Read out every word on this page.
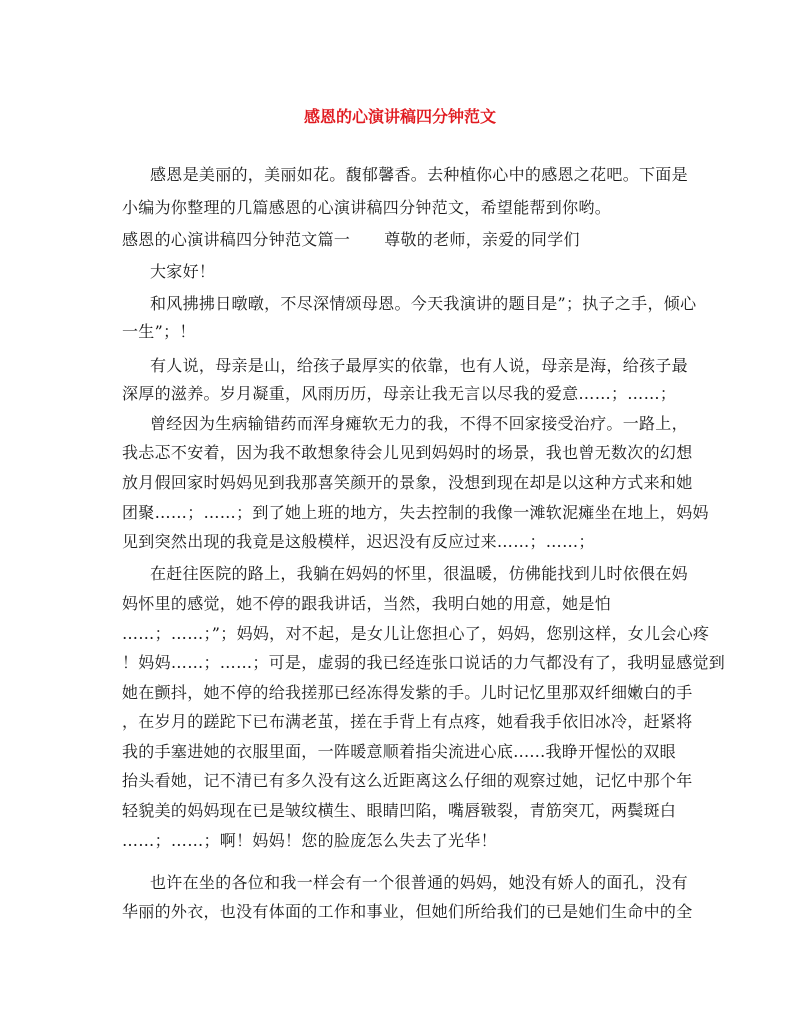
感恩的心演讲稿四分钟范文
感恩是美丽的，美丽如花。馥郁馨香。去种植你心中的感恩之花吧。下面是
小编为你整理的几篇感恩的心演讲稿四分钟范文，希望能帮到你哟。
感恩的心演讲稿四分钟范文篇一 尊敬的老师，亲爱的同学们
大家好！
和风拂拂日暾暾，不尽深情颂母恩。今天我演讲的题目是”；执子之手，倾心
一生”；！
有人说，母亲是山，给孩子最厚实的依靠，也有人说，母亲是海，给孩子最
深厚的滋养。岁月凝重，风雨历历，母亲让我无言以尽我的爱意……；……；
曾经因为生病输错药而浑身瘫软无力的我，不得不回家接受治疗。一路上，
我忐忑不安着，因为我不敢想象待会儿见到妈妈时的场景，我也曾无数次的幻想
放月假回家时妈妈见到我那喜笑颜开的景象，没想到现在却是以这种方式来和她
团聚……；……；到了她上班的地方，失去控制的我像一滩软泥瘫坐在地上，妈妈
见到突然出现的我竟是这般模样，迟迟没有反应过来……；……；
在赶往医院的路上，我躺在妈妈的怀里，很温暖，仿佛能找到儿时依偎在妈
妈怀里的感觉，她不停的跟我讲话，当然，我明白她的用意，她是怕
……；……；”；妈妈，对不起，是女儿让您担心了，妈妈，您别这样，女儿会心疼
！妈妈……；……；可是，虚弱的我已经连张口说话的力气都没有了，我明显感觉到
她在颤抖，她不停的给我搓那已经冻得发紫的手。儿时记忆里那双纤细嫩白的手
，在岁月的蹉跎下已布满老茧，搓在手背上有点疼，她看我手依旧冰冷，赶紧将
我的手塞进她的衣服里面，一阵暖意顺着指尖流进心底......我睁开惺忪的双眼
抬头看她，记不清已有多久没有这么近距离这么仔细的观察过她，记忆中那个年
轻貌美的妈妈现在已是皱纹横生、眼睛凹陷，嘴唇皲裂，青筋突兀，两鬓斑白
……；……；啊！妈妈！您的脸庞怎么失去了光华！
也许在坐的各位和我一样会有一个很普通的妈妈，她没有娇人的面孔，没有
华丽的外衣，也没有体面的工作和事业，但她们所给我们的已是她们生命中的全
